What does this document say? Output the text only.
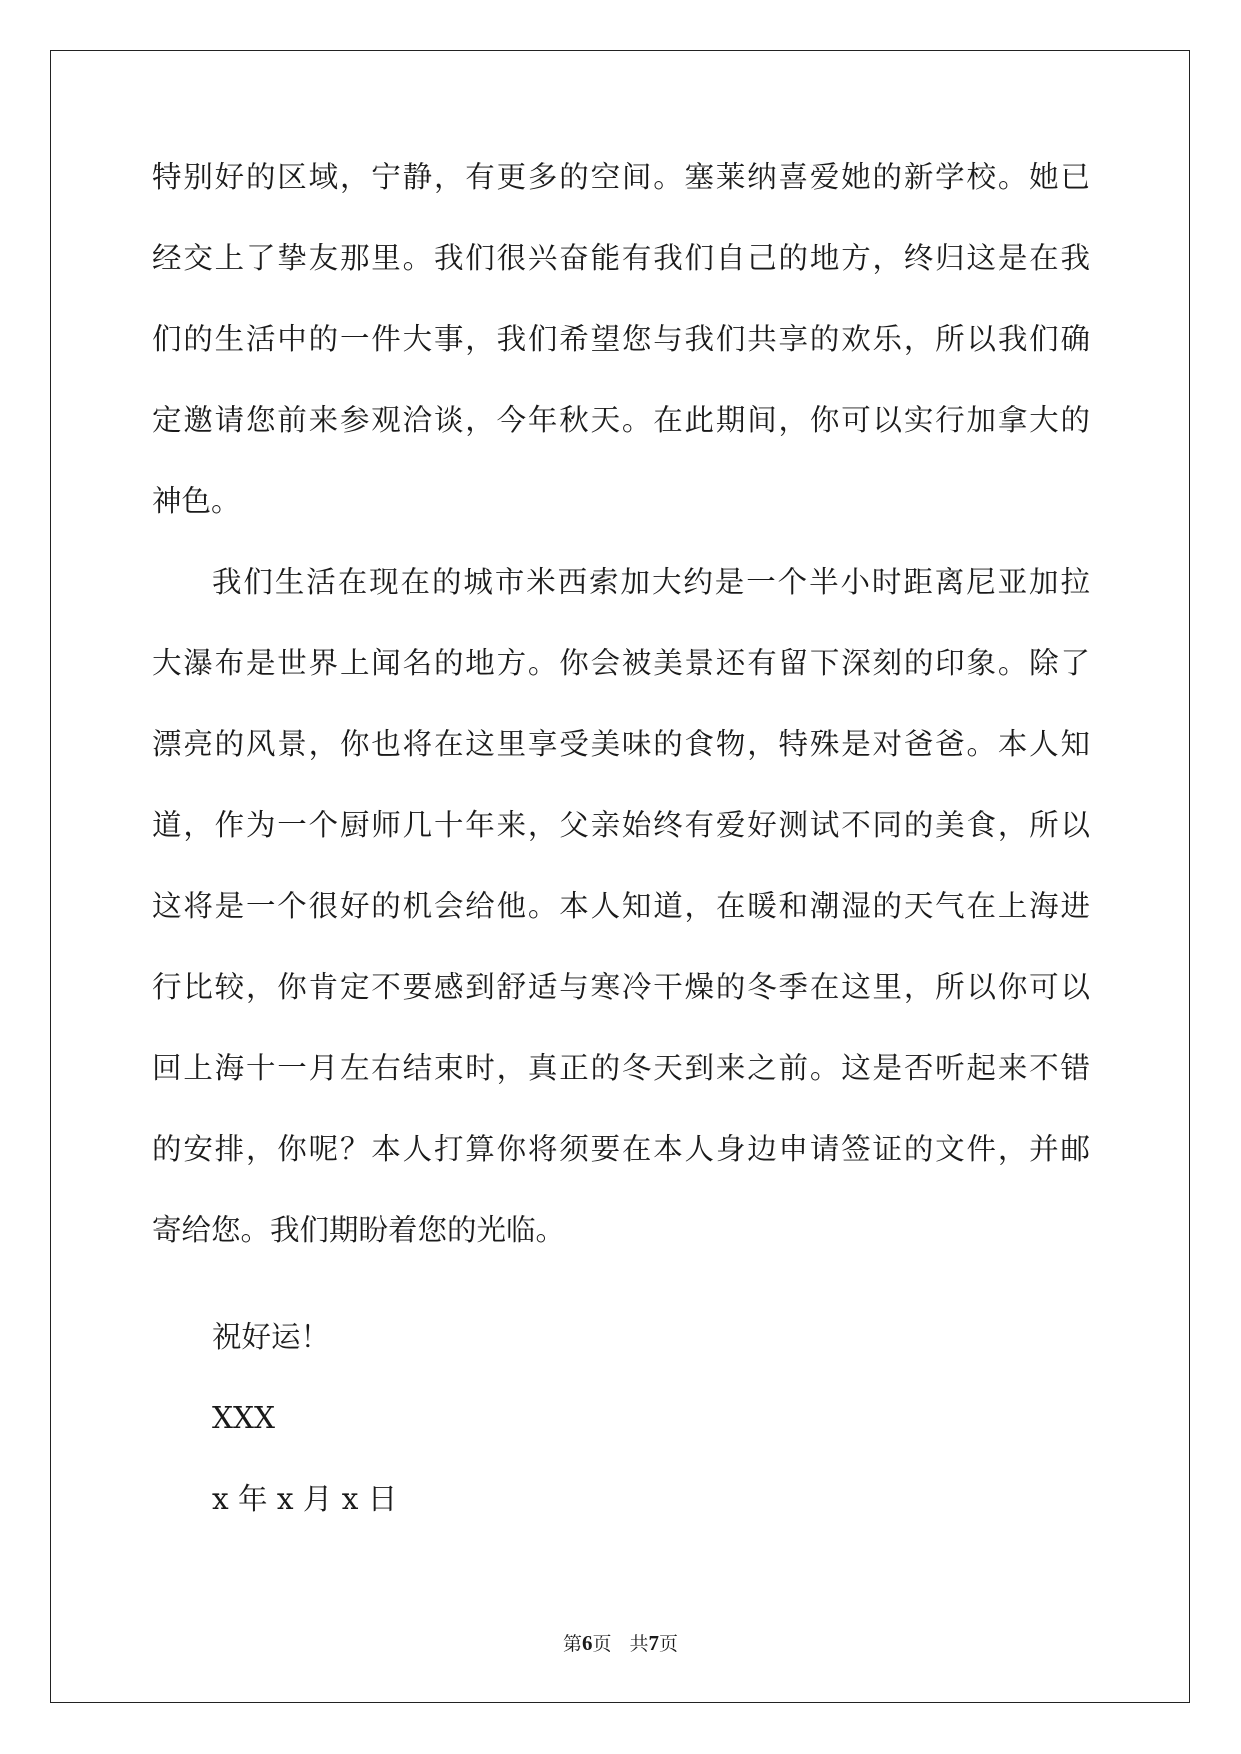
特别好的区域，宁静，有更多的空间。塞莱纳喜爱她的新学校。她已
经交上了挚友那里。我们很兴奋能有我们自己的地方，终归这是在我
们的生活中的一件大事，我们希望您与我们共享的欢乐，所以我们确
定邀请您前来参观洽谈，今年秋天。在此期间，你可以实行加拿大的
神色。
我们生活在现在的城市米西索加大约是一个半小时距离尼亚加拉
大瀑布是世界上闻名的地方。你会被美景还有留下深刻的印象。除了
漂亮的风景，你也将在这里享受美味的食物，特殊是对爸爸。本人知
道，作为一个厨师几十年来，父亲始终有爱好测试不同的美食，所以
这将是一个很好的机会给他。本人知道，在暖和潮湿的天气在上海进
行比较，你肯定不要感到舒适与寒冷干燥的冬季在这里，所以你可以
回上海十一月左右结束时，真正的冬天到来之前。这是否听起来不错
的安排，你呢？本人打算你将须要在本人身边申请签证的文件，并邮
寄给您。我们期盼着您的光临。
祝好运！
XXX
x 年 x 月 x 日
第6页 共7页
